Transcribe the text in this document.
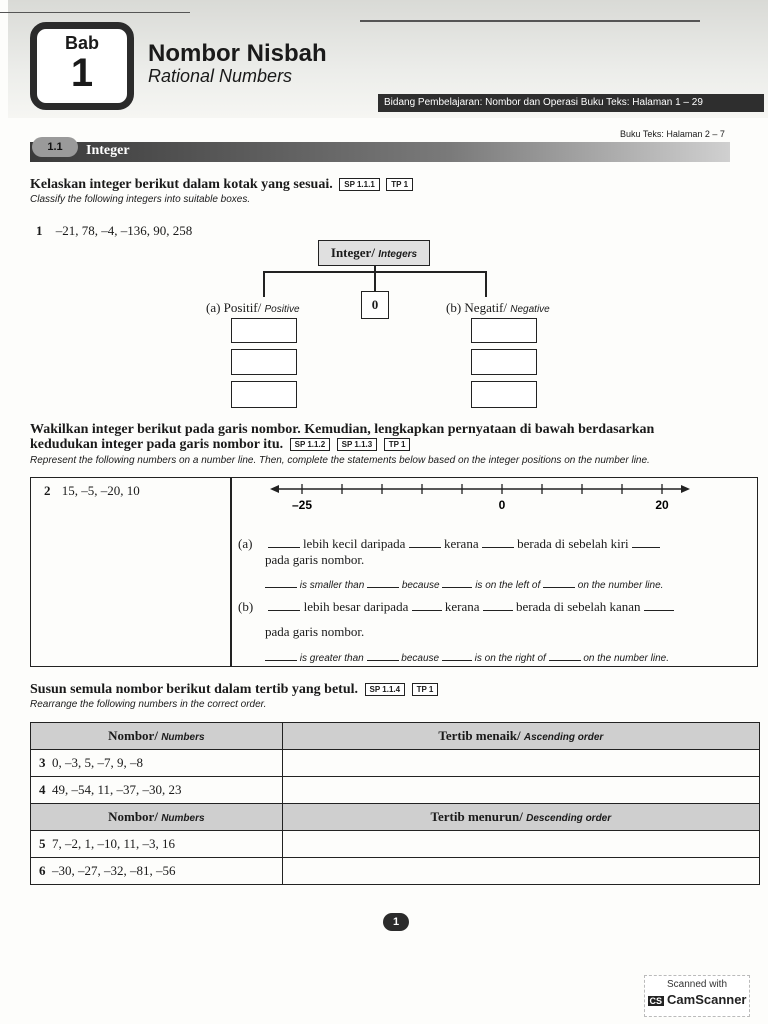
Bab
1	Nombor Nisbah
Rational Numbers
Bidang Pembelajaran: Nombor dan Operasi Buku Teks: Halaman 1 – 29
Buku Teks: Halaman 2 – 7
1.1	Integer
Kelaskan integer berikut dalam kotak yang sesuai. SP 1.1.1 TP 1
Classify the following integers into suitable boxes.
1 –21, 78, –4, –136, 90, 258
Integer/ Integers
(a) Positif/ Positive	0	(b) Negatif/ Negative
Wakilkan integer berikut pada garis nombor. Kemudian, lengkapkan pernyataan di bawah berdasarkan
kedudukan integer pada garis nombor itu. SP 1.1.2 SP 1.1.3 TP 1
Represent the following numbers on a number line. Then, complete the statements below based on the integer positions on the number line.
2 15, –5, –20, 10
–25	0	20
(a)	lebih kecil daripada	kerana	berada di sebelah kiri
pada garis nombor.
is smaller than	because	is on the left of	on the number line.
(b)	lebih besar daripada	kerana	berada di sebelah kanan
pada garis nombor.
is greater than	because	is on the right of	on the number line.
Susun semula nombor berikut dalam tertib yang betul. SP 1.1.4 TP 1
Rearrange the following numbers in the correct order.
Nombor/ Numbers	Tertib menaik/ Ascending order
3 0, –3, 5, –7, 9, –8	
4 49, –54, 11, –37, –30, 23	
Nombor/ Numbers	Tertib menurun/ Descending order
5 7, –2, 1, –10, 11, –3, 16	
6 –30, –27, –32, –81, –56	
1
Scanned with
CS CamScanner
